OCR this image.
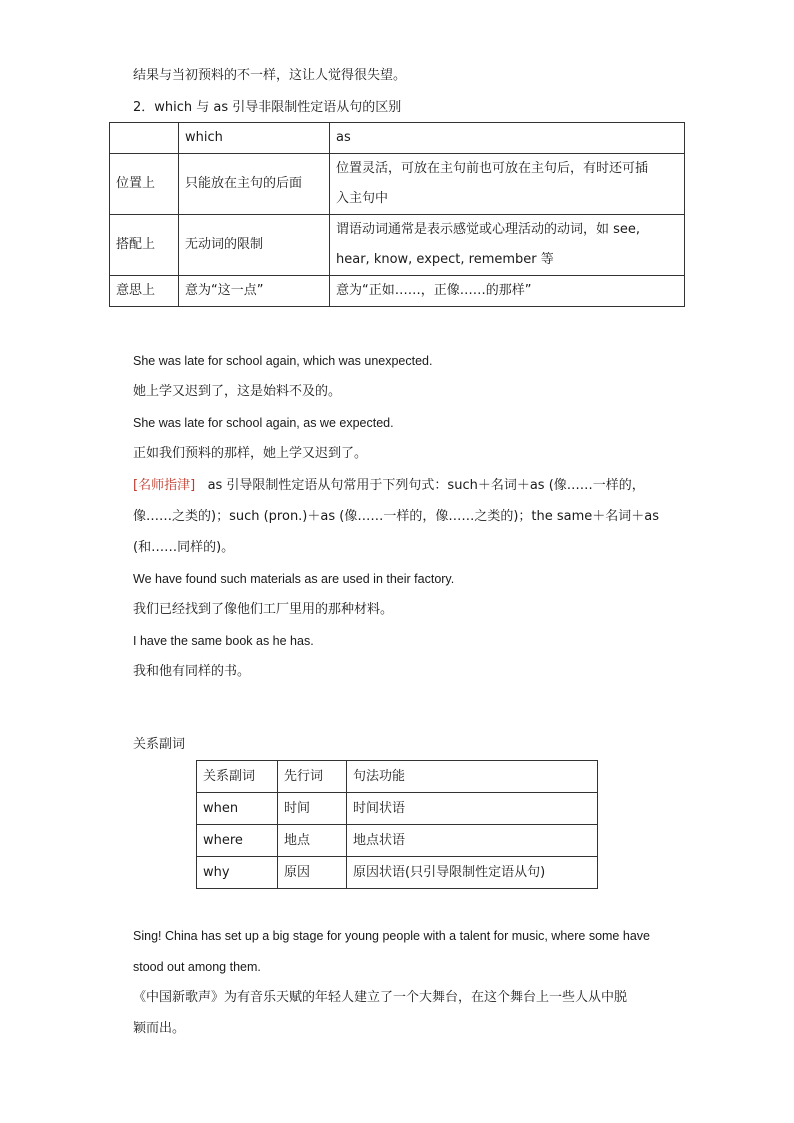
结果与当初预料的不一样，这让人觉得很失望。
2．which 与 as 引导非限制性定语从句的区别
	which	as
位置上	只能放在主句的后面	位置灵活，可放在主句前也可放在主句后，有时还可插
入主句中

搭配上	无动词的限制	谓语动词通常是表示感觉或心理活动的动词，如 see,
hear, know, expect, remember 等

意思上	意为“这一点”	意为“正如……，正像……的那样”
She was late for school again, which was unexpected.
她上学又迟到了，这是始料不及的。
She was late for school again, as we expected.
正如我们预料的那样，她上学又迟到了。
[名师指津] as 引导限制性定语从句常用于下列句式：such＋名词＋as (像……一样的，
像……之类的)；such (pron.)＋as (像……一样的，像……之类的)；the same＋名词＋as
(和……同样的)。
We have found such materials as are used in their factory.
我们已经找到了像他们工厂里用的那种材料。
I have the same book as he has.
我和他有同样的书。
关系副词
关系副词	先行词	句法功能
when	时间	时间状语
where	地点	地点状语
why	原因	原因状语(只引导限制性定语从句)
Sing! China has set up a big stage for young people with a talent for music, where some have
stood out among them.
《中国新歌声》为有音乐天赋的年轻人建立了一个大舞台，在这个舞台上一些人从中脱
颖而出。
